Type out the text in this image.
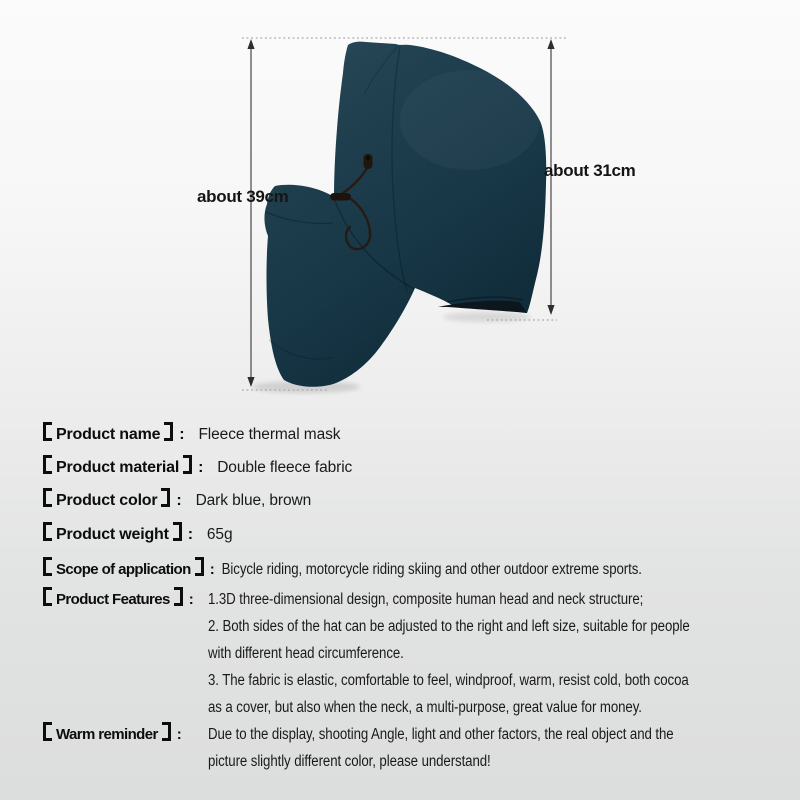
about 39cm
about 31cm
Product name : Fleece thermal mask
Product material : Double fleece fabric
Product color : Dark blue, brown
Product weight : 65g
Scope of application : Bicycle riding, motorcycle riding skiing and other outdoor extreme sports.
Product Features : 1.3D three-dimensional design, composite human head and neck structure;
2. Both sides of the hat can be adjusted to the right and left size, suitable for people
with different head circumference.
3. The fabric is elastic, comfortable to feel, windproof, warm, resist cold, both cocoa
as a cover, but also when the neck, a multi-purpose, great value for money.
Warm reminder :	Due to the display, shooting Angle, light and other factors, the real object and the
picture slightly different color, please understand!
